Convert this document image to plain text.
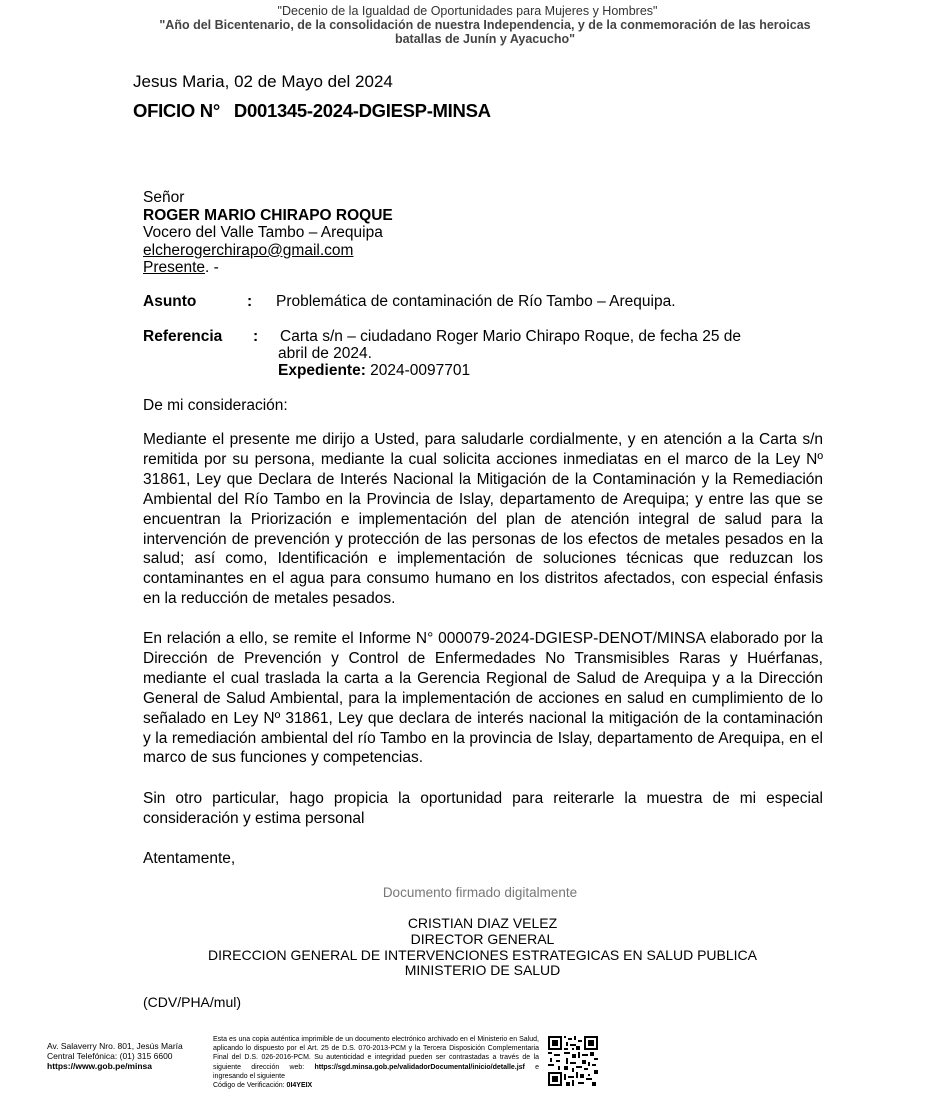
"Decenio de la Igualdad de Oportunidades para Mujeres y Hombres"
"Año del Bicentenario, de la consolidación de nuestra Independencia, y de la conmemoración de las heroicas batallas de Junín y Ayacucho"
Jesus Maria, 02 de Mayo del 2024
OFICIO N° D001345-2024-DGIESP-MINSA
Señor
ROGER MARIO CHIRAPO ROQUE
Vocero del Valle Tambo – Arequipa
elcherogerchirapo@gmail.com
Presente. -
Asunto	: Problemática de contaminación de Río Tambo – Arequipa.
Referencia : Carta s/n – ciudadano Roger Mario Chirapo Roque, de fecha 25 de
abril de 2024.
Expediente: 2024-0097701
De mi consideración:
Mediante el presente me dirijo a Usted, para saludarle cordialmente, y en atención a la Carta s/n remitida por su persona, mediante la cual solicita acciones inmediatas en el marco de la Ley Nº 31861, Ley que Declara de Interés Nacional la Mitigación de la Contaminación y la Remediación Ambiental del Río Tambo en la Provincia de Islay, departamento de Arequipa; y entre las que se encuentran la Priorización e implementación del plan de atención integral de salud para la intervención de prevención y protección de las personas de los efectos de metales pesados en la salud; así como, Identificación e implementación de soluciones técnicas que reduzcan los contaminantes en el agua para consumo humano en los distritos afectados, con especial énfasis en la reducción de metales pesados.
En relación a ello, se remite el Informe N° 000079-2024-DGIESP-DENOT/MINSA elaborado por la Dirección de Prevención y Control de Enfermedades No Transmisibles Raras y Huérfanas, mediante el cual traslada la carta a la Gerencia Regional de Salud de Arequipa y a la Dirección General de Salud Ambiental, para la implementación de acciones en salud en cumplimiento de lo señalado en Ley Nº 31861, Ley que declara de interés nacional la mitigación de la contaminación y la remediación ambiental del río Tambo en la provincia de Islay, departamento de Arequipa, en el marco de sus funciones y competencias.
Sin otro particular, hago propicia la oportunidad para reiterarle la muestra de mi especial consideración y estima personal
Atentamente,
Documento firmado digitalmente
CRISTIAN DIAZ VELEZ
DIRECTOR GENERAL
DIRECCION GENERAL DE INTERVENCIONES ESTRATEGICAS EN SALUD PUBLICA
MINISTERIO DE SALUD
(CDV/PHA/mul)
Av. Salaverry Nro. 801, Jesús María
Central Telefónica: (01) 315 6600
https://www.gob.pe/minsa
Esta es una copia auténtica imprimible de un documento electrónico archivado en el Ministerio en Salud, aplicando lo dispuesto por el Art. 25 de D.S. 070-2013-PCM y la Tercera Disposición Complementaria Final del D.S. 026-2016-PCM. Su autenticidad e integridad pueden ser contrastadas a través de la siguiente dirección web: https://sgd.minsa.gob.pe/validadorDocumental/inicio/detalle.jsf e ingresando el siguiente
Código de Verificación: 0I4YEIX
